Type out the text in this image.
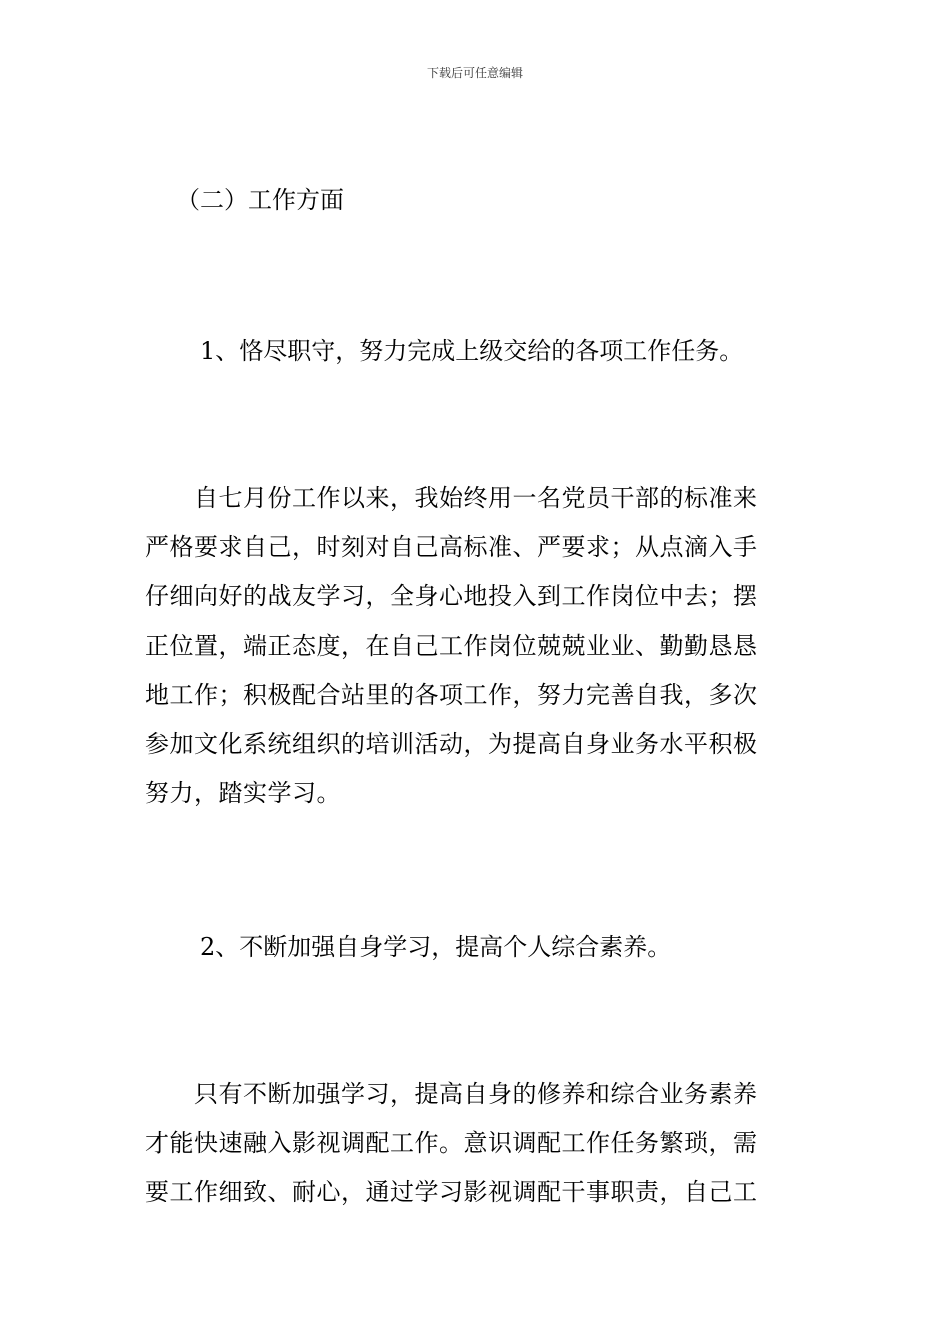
下载后可任意编辑
（二）工作方面
1、恪尽职守，努力完成上级交给的各项工作任务。
　　自七月份工作以来，我始终用一名党员干部的标准来
严格要求自己，时刻对自己高标准、严要求；从点滴入手
仔细向好的战友学习，全身心地投入到工作岗位中去；摆
正位置，端正态度，在自己工作岗位兢兢业业、勤勤恳恳
地工作；积极配合站里的各项工作，努力完善自我，多次
参加文化系统组织的培训活动，为提高自身业务水平积极
努力，踏实学习。
2、不断加强自身学习，提高个人综合素养。
　　只有不断加强学习，提高自身的修养和综合业务素养
才能快速融入影视调配工作。意识调配工作任务繁琐，需
要工作细致、耐心，通过学习影视调配干事职责，自己工
